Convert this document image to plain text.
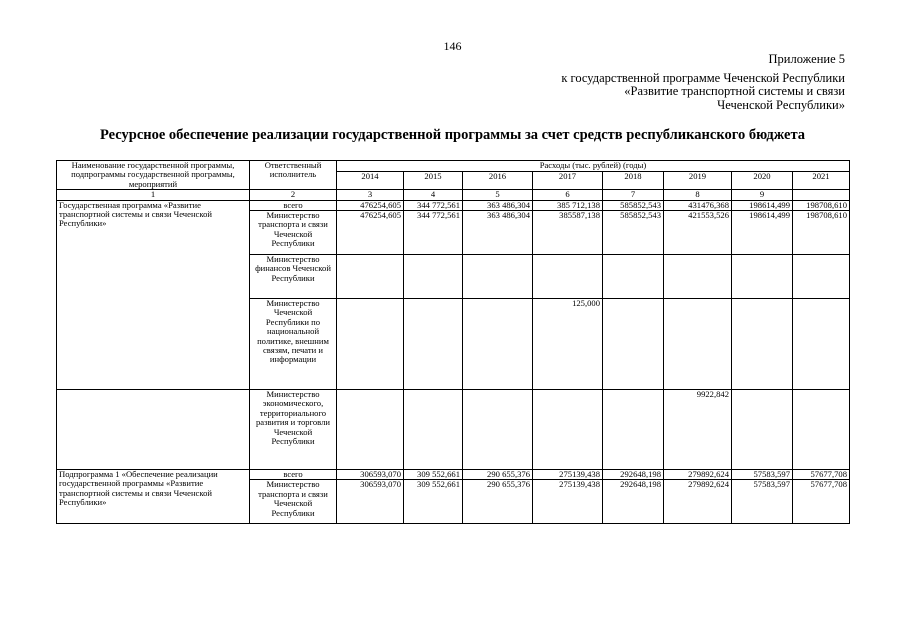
146
Приложение 5
к государственной программе Чеченской Республики
«Развитие транспортной системы и связи
Чеченской Республики»
Ресурсное обеспечение реализации государственной программы за счет средств республиканского бюджета
Наименование государственной программы, подпрограммы государственной программы, мероприятий	Ответственный исполнитель	Расходы (тыс. рублей) (годы)							
		2014	2015	2016	2017	2018	2019	2020	2021
1	2	3	4	5	6	7	8	9	
Государственная программа «Развитие транспортной системы и связи Чеченской Республики»	всего	476254,605	344 772,561	363 486,304	385 712,138	585852,543	431476,368	198614,499	198708,610
	Министерство транспорта и связи Чеченской Республики	476254,605	344 772,561	363 486,304	385587,138	585852,543	421553,526	198614,499	198708,610
	Министерство финансов Чеченской Республики								
	Министерство Чеченской Республики по национальной политике, внешним связям, печати и информации				125,000				
	Министерство экономического, территориального развития и торговли Чеченской Республики						9922,842		
Подпрограмма 1 «Обеспечение реализации государственной программы «Развитие транспортной системы и связи Чеченской Республики»	всего	306593,070	309 552,661	290 655,376	275139,438	292648,198	279892,624	57583,597	57677,708
	Министерство транспорта и связи Чеченской Республики	306593,070	309 552,661	290 655,376	275139,438	292648,198	279892,624	57583,597	57677,708
